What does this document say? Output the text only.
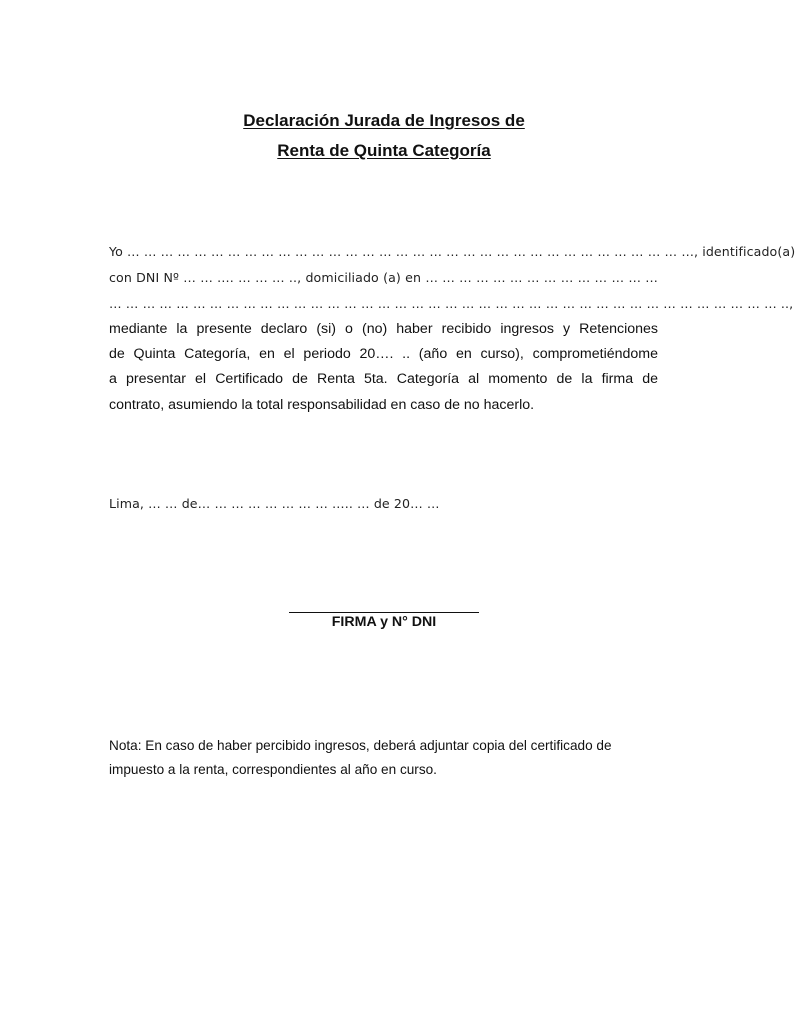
Declaración Jurada de Ingresos de
Renta de Quinta Categoría
Yo … … … … … … … … … … … … … … … … … … … … … … … … … … … … … … … … … …, identificado(a)
con DNI Nº … … .… … … … .., domiciliado (a) en … … … … … … … … … … … … … …
… … … … … … … … … … … … … … … … … … … … … … … … … … … … … … … … … … … … … … … … ..,
mediante la presente declaro (si) o (no) haber recibido ingresos y Retenciones
de Quinta Categoría, en el periodo 20…. .. (año en curso), comprometiéndome
a presentar el Certificado de Renta 5ta. Categoría al momento de la firma de
contrato, asumiendo la total responsabilidad en caso de no hacerlo.
Lima, … … de… … … … … … … … ….. … de 20… …
FIRMA y N° DNI
Nota: En caso de haber percibido ingresos, deberá adjuntar copia del certificado de
impuesto a la renta, correspondientes al año en curso.
